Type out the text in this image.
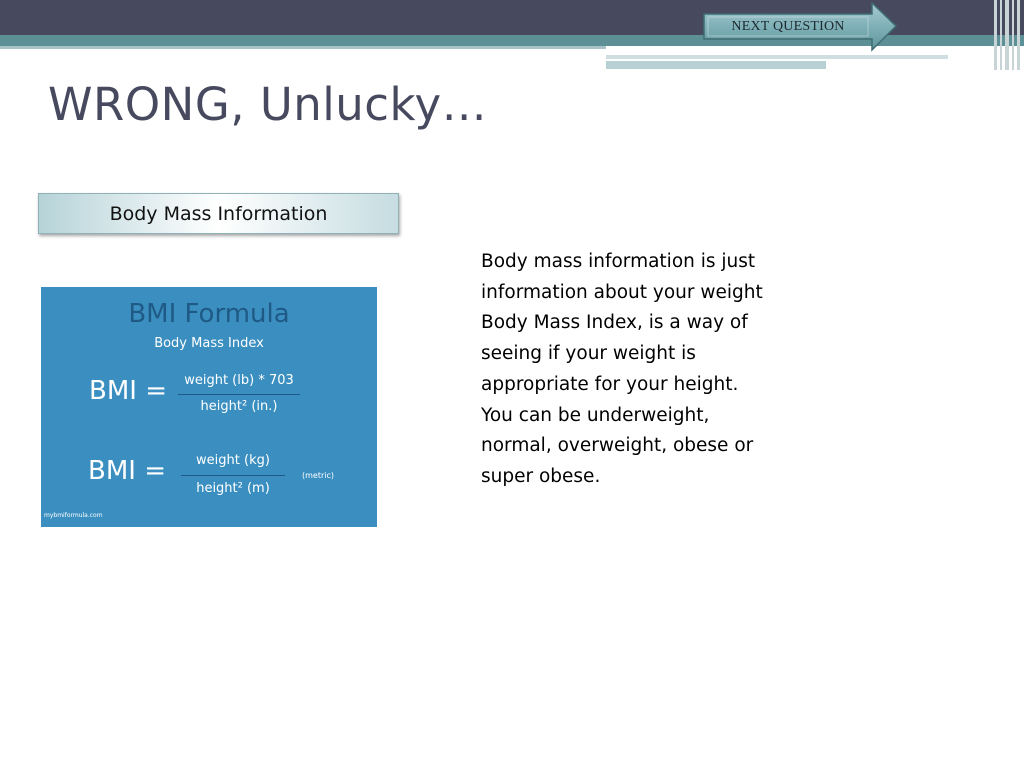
NEXT QUESTION
WRONG, Unlucky…
Body Mass Information
BMI Formula
Body Mass Index
BMI =	weight (lb) * 703
height² (in.)
BMI =	weight (kg)
height² (m)
(metric)
mybmiformula.com
Body mass information is just
information about your weight
Body Mass Index, is a way of
seeing if your weight is
appropriate for your height.
You can be underweight,
normal, overweight, obese or
super obese.
